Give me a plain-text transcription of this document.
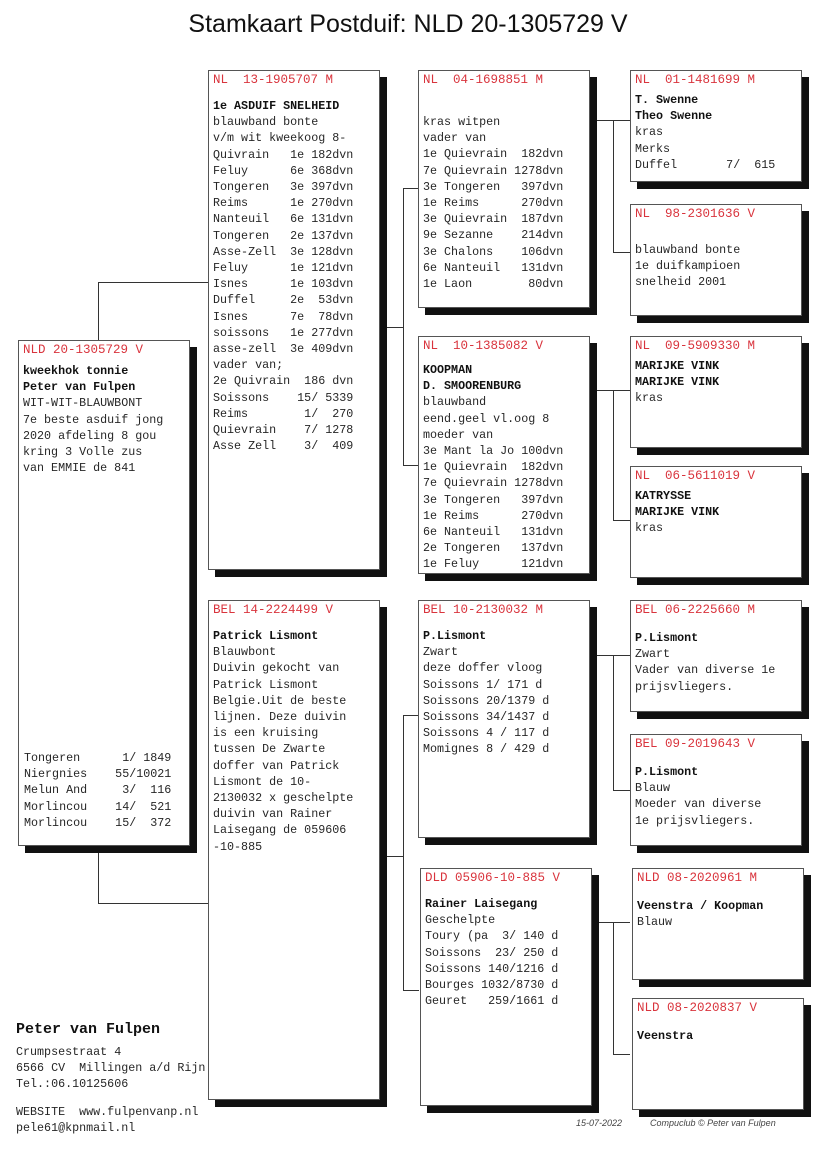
Stamkaart Postduif: NLD 20-1305729 V
NLD 20-1305729 V
kweekhok tonnie
Peter van Fulpen
WIT-WIT-BLAUWBONT
7e beste asduif jong
2020 afdeling 8 gou
kring 3 Volle zus
van EMMIE de 841
Tongeren      1/ 1849
Niergnies    55/10021
Melun And     3/  116
Morlincou    14/  521
Morlincou    15/  372
NL  13-1905707 M
1e ASDUIF SNELHEID
blauwband bonte
v/m wit kweekoog 8-
Quivrain   1e 182dvn
Feluy      6e 368dvn
Tongeren   3e 397dvn
Reims      1e 270dvn
Nanteuil   6e 131dvn
Tongeren   2e 137dvn
Asse-Zell  3e 128dvn
Feluy      1e 121dvn
Isnes      1e 103dvn
Duffel     2e  53dvn
Isnes      7e  78dvn
soissons   1e 277dvn
asse-zell  3e 409dvn
vader van;
2e Quivrain  186 dvn
Soissons    15/ 5339
Reims        1/  270
Quievrain    7/ 1278
Asse Zell    3/  409
BEL 14-2224499 V
Patrick Lismont
Blauwbont
Duivin gekocht van
Patrick Lismont
Belgie.Uit de beste
lijnen. Deze duivin
is een kruising
tussen De Zwarte
doffer van Patrick
Lismont de 10-
2130032 x geschelpte
duivin van Rainer
Laisegang de 059606
-10-885
NL  04-1698851 M
kras witpen
vader van
1e Quievrain  182dvn
7e Quievrain 1278dvn
3e Tongeren   397dvn
1e Reims      270dvn
3e Quievrain  187dvn
9e Sezanne    214dvn
3e Chalons    106dvn
6e Nanteuil   131dvn
1e Laon        80dvn
NL  10-1385082 V
KOOPMAN
D. SMOORENBURG
blauwband
eend.geel vl.oog 8
moeder van
3e Mant la Jo 100dvn
1e Quievrain  182dvn
7e Quievrain 1278dvn
3e Tongeren   397dvn
1e Reims      270dvn
6e Nanteuil   131dvn
2e Tongeren   137dvn
1e Feluy      121dvn
BEL 10-2130032 M
P.Lismont
Zwart
deze doffer vloog
Soissons 1/ 171 d
Soissons 20/1379 d
Soissons 34/1437 d
Soissons 4 / 117 d
Momignes 8 / 429 d
DLD 05906-10-885 V
Rainer Laisegang
Geschelpte
Toury (pa  3/ 140 d
Soissons  23/ 250 d
Soissons 140/1216 d
Bourges 1032/8730 d
Geuret   259/1661 d
NL  01-1481699 M
T. Swenne
Theo Swenne
kras
Merks
Duffel       7/  615
NL  98-2301636 V
blauwband bonte
1e duifkampioen
snelheid 2001
NL  09-5909330 M
MARIJKE VINK
MARIJKE VINK
kras
NL  06-5611019 V
KATRYSSE
MARIJKE VINK
kras
BEL 06-2225660 M
P.Lismont
Zwart
Vader van diverse 1e
prijsvliegers.
BEL 09-2019643 V
P.Lismont
Blauw
Moeder van diverse
1e prijsvliegers.
NLD 08-2020961 M
Veenstra / Koopman
Blauw
NLD 08-2020837 V
Veenstra
Peter van Fulpen
Crumpsestraat 4
6566 CV  Millingen a/d Rijn
Tel.:06.10125606
WEBSITE  www.fulpenvanp.nl
pele61@kpnmail.nl	15-07-2022	Compuclub © Peter van Fulpen
